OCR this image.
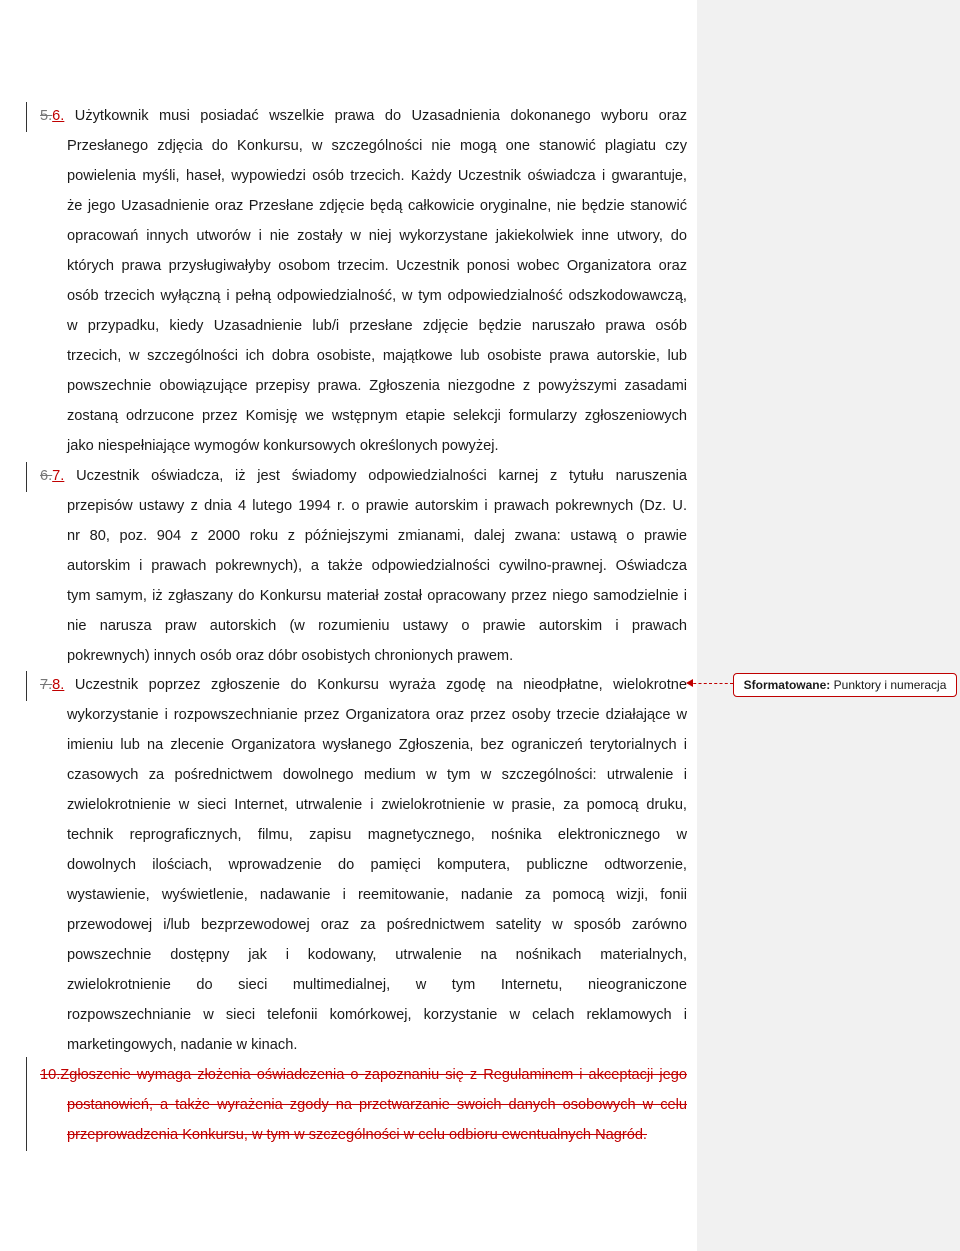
5.6. Użytkownik musi posiadać wszelkie prawa do Uzasadnienia dokonanego wyboru oraz
Przesłanego zdjęcia do Konkursu, w szczególności nie mogą one stanowić plagiatu czy
powielenia myśli, haseł, wypowiedzi osób trzecich. Każdy Uczestnik oświadcza i gwarantuje,
że jego Uzasadnienie oraz Przesłane zdjęcie będą całkowicie oryginalne, nie będzie stanowić
opracowań innych utworów i nie zostały w niej wykorzystane jakiekolwiek inne utwory, do
których prawa przysługiwałyby osobom trzecim. Uczestnik ponosi wobec Organizatora oraz
osób trzecich wyłączną i pełną odpowiedzialność, w tym odpowiedzialność odszkodowawczą,
w przypadku, kiedy Uzasadnienie lub/i przesłane zdjęcie będzie naruszało prawa osób
trzecich, w szczególności ich dobra osobiste, majątkowe lub osobiste prawa autorskie, lub
powszechnie obowiązujące przepisy prawa. Zgłoszenia niezgodne z powyższymi zasadami
zostaną odrzucone przez Komisję we wstępnym etapie selekcji formularzy zgłoszeniowych
jako niespełniające wymogów konkursowych określonych powyżej.
6.7. Uczestnik oświadcza, iż jest świadomy odpowiedzialności karnej z tytułu naruszenia
przepisów ustawy z dnia 4 lutego 1994 r. o prawie autorskim i prawach pokrewnych (Dz. U.
nr 80, poz. 904 z 2000 roku z późniejszymi zmianami, dalej zwana: ustawą o prawie
autorskim i prawach pokrewnych), a także odpowiedzialności cywilno-prawnej. Oświadcza
tym samym, iż zgłaszany do Konkursu materiał został opracowany przez niego samodzielnie i
nie narusza praw autorskich (w rozumieniu ustawy o prawie autorskim i prawach
pokrewnych) innych osób oraz dóbr osobistych chronionych prawem.
7.8. Uczestnik poprzez zgłoszenie do Konkursu wyraża zgodę na nieodpłatne, wielokrotne
wykorzystanie i rozpowszechnianie przez Organizatora oraz przez osoby trzecie działające w
imieniu lub na zlecenie Organizatora wysłanego Zgłoszenia, bez ograniczeń terytorialnych i
czasowych za pośrednictwem dowolnego medium w tym w szczególności: utrwalenie i
zwielokrotnienie w sieci Internet, utrwalenie i zwielokrotnienie w prasie, za pomocą druku,
technik reprograficznych, filmu, zapisu magnetycznego, nośnika elektronicznego w
dowolnych ilościach, wprowadzenie do pamięci komputera, publiczne odtworzenie,
wystawienie, wyświetlenie, nadawanie i reemitowanie, nadanie za pomocą wizji, fonii
przewodowej i/lub bezprzewodowej oraz za pośrednictwem satelity w sposób zarówno
powszechnie dostępny jak i kodowany, utrwalenie na nośnikach materialnych,
zwielokrotnienie do sieci multimedialnej, w tym Internetu, nieograniczone
rozpowszechnianie w sieci telefonii komórkowej, korzystanie w celach reklamowych i
marketingowych, nadanie w kinach.
10.Zgłoszenie wymaga złożenia oświadczenia o zapoznaniu się z Regulaminem i akceptacji jego
postanowień, a także wyrażenia zgody na przetwarzanie swoich danych osobowych w celu
przeprowadzenia Konkursu, w tym w szczególności w celu odbioru ewentualnych Nagród.
Sformatowane: Punktory i numeracja
